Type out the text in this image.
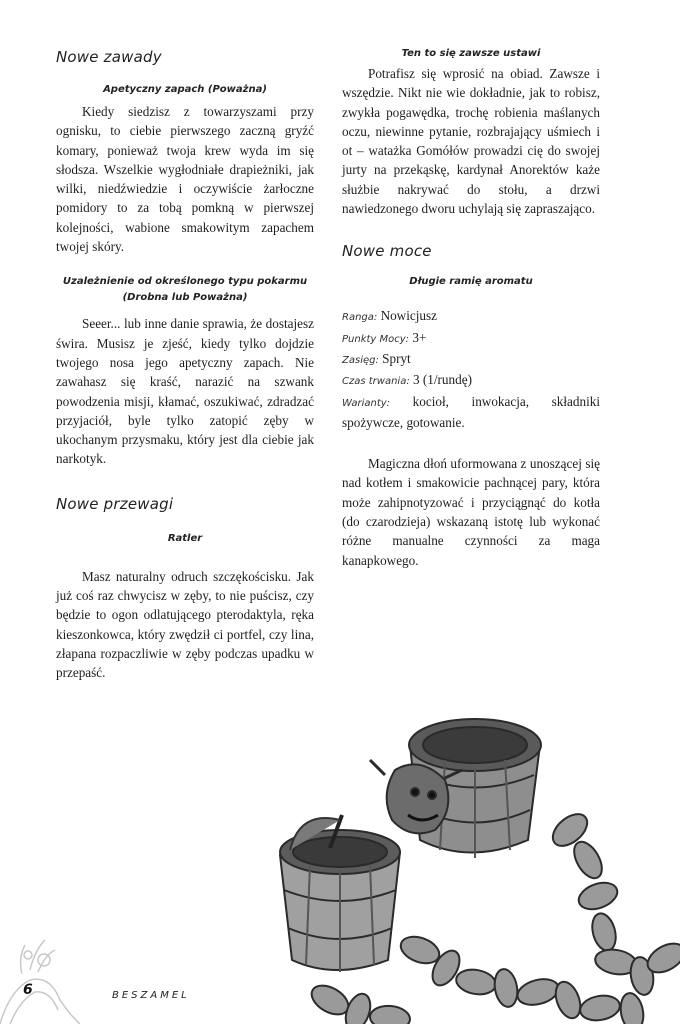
Nowe zawady
Apetyczny zapach (Poważna)

Kiedy siedzisz z towarzyszami przy ognisku, to ciebie pierwszego zaczną gryźć komary, ponieważ twoja krew wyda im się słodsza. Wszelkie wygłodniałe drapieżniki, jak wilki, niedźwiedzie i oczywiście żarłoczne pomidory to za tobą pomkną w pierwszej kolejności, wabione smakowitym zapachem twojej skóry.

Uzależnienie od określonego typu pokarmu
(Drobna lub Poważna)

Seeer... lub inne danie sprawia, że dostajesz świra. Musisz je zjeść, kiedy tylko dojdzie twojego nosa jego apetyczny zapach. Nie zawahasz się kraść, narazić na szwank powodzenia misji, kłamać, oszukiwać, zdradzać przyjaciół, byle tylko zatopić zęby w ukochanym przysmaku, który jest dla ciebie jak narkotyk.

Nowe przewagi
Ratler

Masz naturalny odruch szczękościsku. Jak już coś raz chwycisz w zęby, to nie puścisz, czy będzie to ogon odlatującego pterodaktyla, ręka kieszonkowca, który zwędził ci portfel, czy lina, złapana rozpaczliwie w zęby podczas upadku w przepaść.

Ten to się zawsze ustawi

Potrafisz się wprosić na obiad. Zawsze i wszędzie. Nikt nie wie dokładnie, jak to robisz, zwykła pogawędka, trochę robienia maślanych oczu, niewinne pytanie, rozbrajający uśmiech i ot – watażka Gomółów prowadzi cię do swojej jurty na przekąskę, kardynał Anorektów każe służbie nakrywać do stołu, a drzwi nawiedzonego dworu uchylają się zapraszająco.

Nowe moce
Długie ramię aromatu
Ranga: Nowicjusz
Punkty Mocy: 3+
Zasięg: Spryt
Czas trwania: 3 (1/rundę)
Warianty: kocioł, inwokacja, składniki spożywcze, gotowanie.

Magiczna dłoń uformowana z unoszącej się nad kotłem i smakowicie pachnącej pary, która może zahipnotyzować i przyciągnąć do kotła (do czarodzieja) wskazaną istotę lub wykonać różne manualne czynności za maga kanapkowego.

6	BESZAMEL
